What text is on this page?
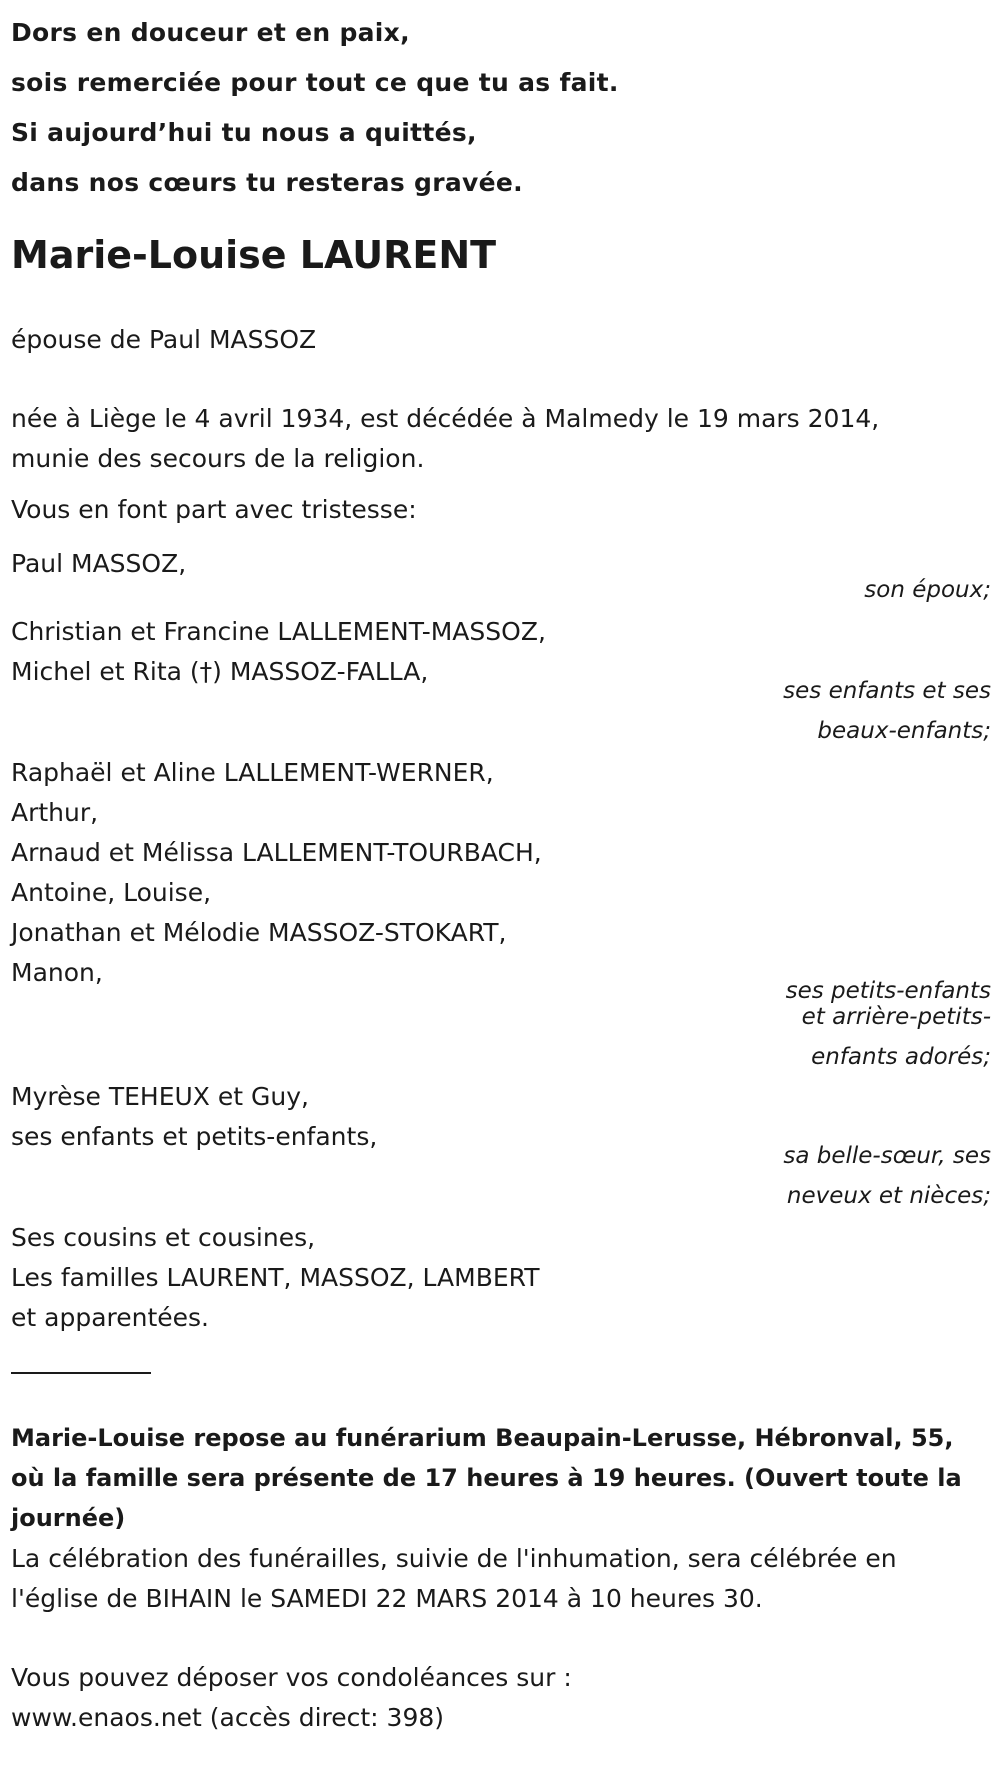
Dors en douceur et en paix,
sois remerciée pour tout ce que tu as fait.
Si aujourd’hui tu nous a quittés,
dans nos cœurs tu resteras gravée.

Marie-Louise LAURENT

épouse de Paul MASSOZ

née à Liège le 4 avril 1934, est décédée à Malmedy le 19 mars 2014,
munie des secours de la religion.

Vous en font part avec tristesse:

Paul MASSOZ,

son époux;

Christian et Francine LALLEMENT-MASSOZ,
Michel et Rita (†) MASSOZ-FALLA,

ses enfants et ses
beaux-enfants;

Raphaël et Aline LALLEMENT-WERNER,
Arthur,
Arnaud et Mélissa LALLEMENT-TOURBACH,
Antoine, Louise,
Jonathan et Mélodie MASSOZ-STOKART,
Manon,

ses petits-enfants
et arrière-petits-
enfants adorés;

Myrèse TEHEUX et Guy,
ses enfants et petits-enfants,

sa belle-sœur, ses
neveux et nièces;

Ses cousins et cousines,
Les familles LAURENT, MASSOZ, LAMBERT
et apparentées.

Marie-Louise repose au funérarium Beaupain-Lerusse, Hébronval, 55, où la famille sera présente de 17 heures à 19 heures. (Ouvert toute la journée)

La célébration des funérailles, suivie de l'inhumation, sera célébrée en l'église de BIHAIN le SAMEDI 22 MARS 2014 à 10 heures 30.

Vous pouvez déposer vos condoléances sur :
www.enaos.net (accès direct: 398)
